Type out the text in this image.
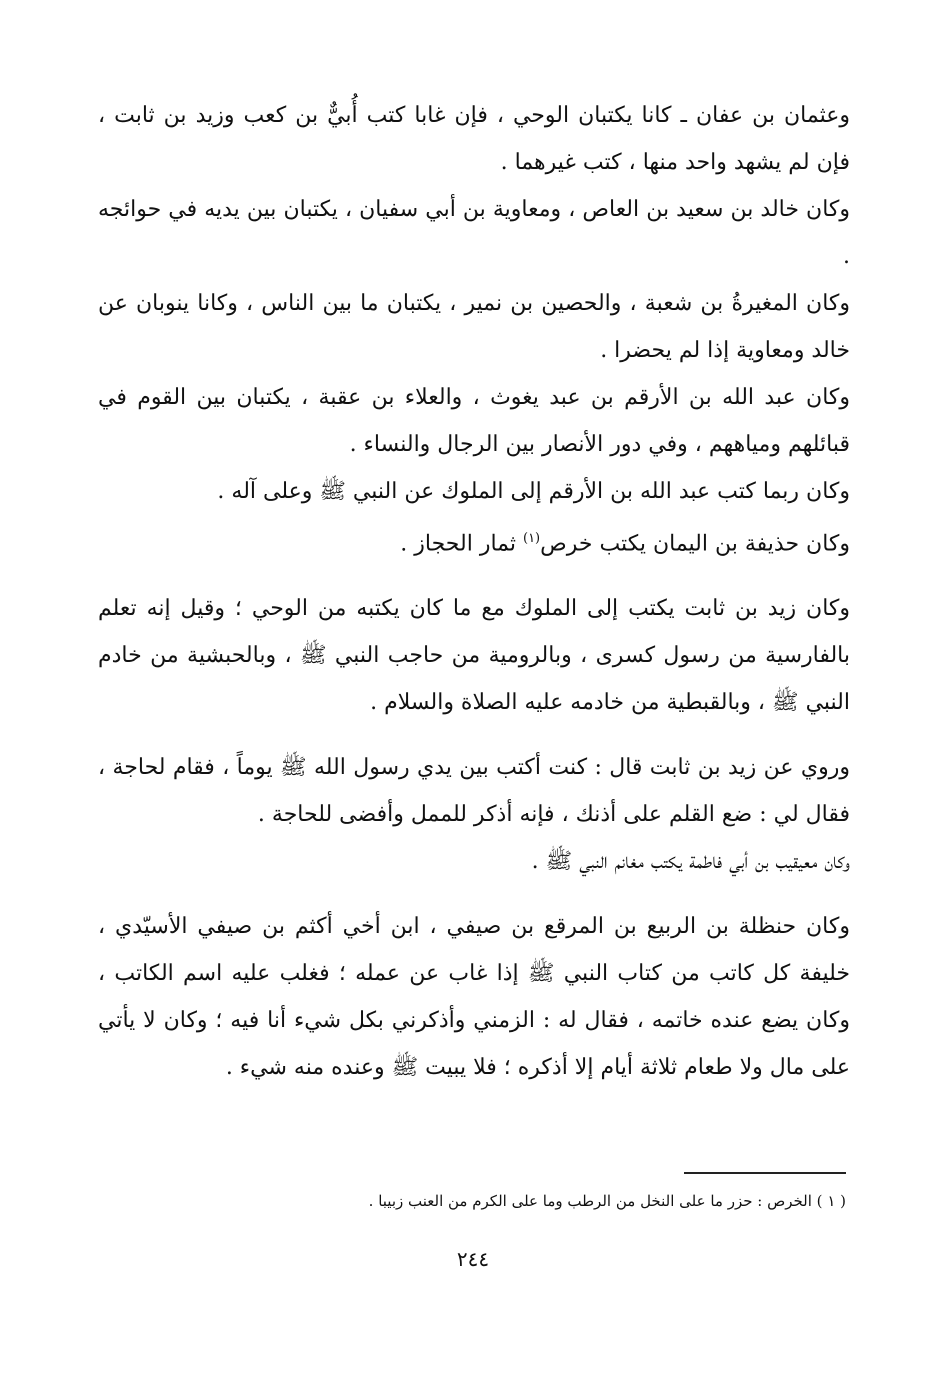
وعثمان بن عفان ـ كانا يكتبان الوحي ، فإن غابا كتب أُبيٌّ بن كعب وزيد بن ثابت ، فإن لم يشهد واحد منها ، كتب غيرهما .

وكان خالد بن سعيد بن العاص ، ومعاوية بن أبي سفيان ، يكتبان بين يديه في حوائجه .

وكان المغيرةُ بن شعبة ، والحصين بن نمير ، يكتبان ما بين الناس ، وكانا ينوبان عن خالد ومعاوية إذا لم يحضرا .

وكان عبد الله بن الأرقم بن عبد يغوث ، والعلاء بن عقبة ، يكتبان بين القوم في قبائلهم ومياههم ، وفي دور الأنصار بين الرجال والنساء .

وكان ربما كتب عبد الله بن الأرقم إلى الملوك عن النبي ﷺ وعلى آله .

وكان حذيفة بن اليمان يكتب خرص$^{(١)}$ ثمار الحجاز .

وكان زيد بن ثابت يكتب إلى الملوك مع ما كان يكتبه من الوحي ؛ وقيل إنه تعلم بالفارسية من رسول كسرى ، وبالرومية من حاجب النبي ﷺ ، وبالحبشية من خادم النبي ﷺ ، وبالقبطية من خادمه عليه الصلاة والسلام .

وروي عن زيد بن ثابت قال : كنت أكتب بين يدي رسول الله ﷺ يوماً ، فقام لحاجة ، فقال لي : ضع القلم على أذنك ، فإنه أذكر للممل وأفضى للحاجة .

وكان معيقيب بن أبي فاطمة يكتب مغانم النبي ﷺ .

وكان حنظلة بن الربيع بن المرقع بن صيفي ، ابن أخي أكثم بن صيفي الأسيّدي ، خليفة كل كاتب من كتاب النبي ﷺ إذا غاب عن عمله ؛ فغلب عليه اسم الكاتب ، وكان يضع عنده خاتمه ، فقال له : الزمني وأذكرني بكل شيء أنا فيه ؛ وكان لا يأتي على مال ولا طعام ثلاثة أيام إلا أذكره ؛ فلا يبيت ﷺ وعنده منه شيء .

( ١ ) الخرص : حزر ما على النخل من الرطب وما على الكرم من العنب زبيبا .
٢٤٤
